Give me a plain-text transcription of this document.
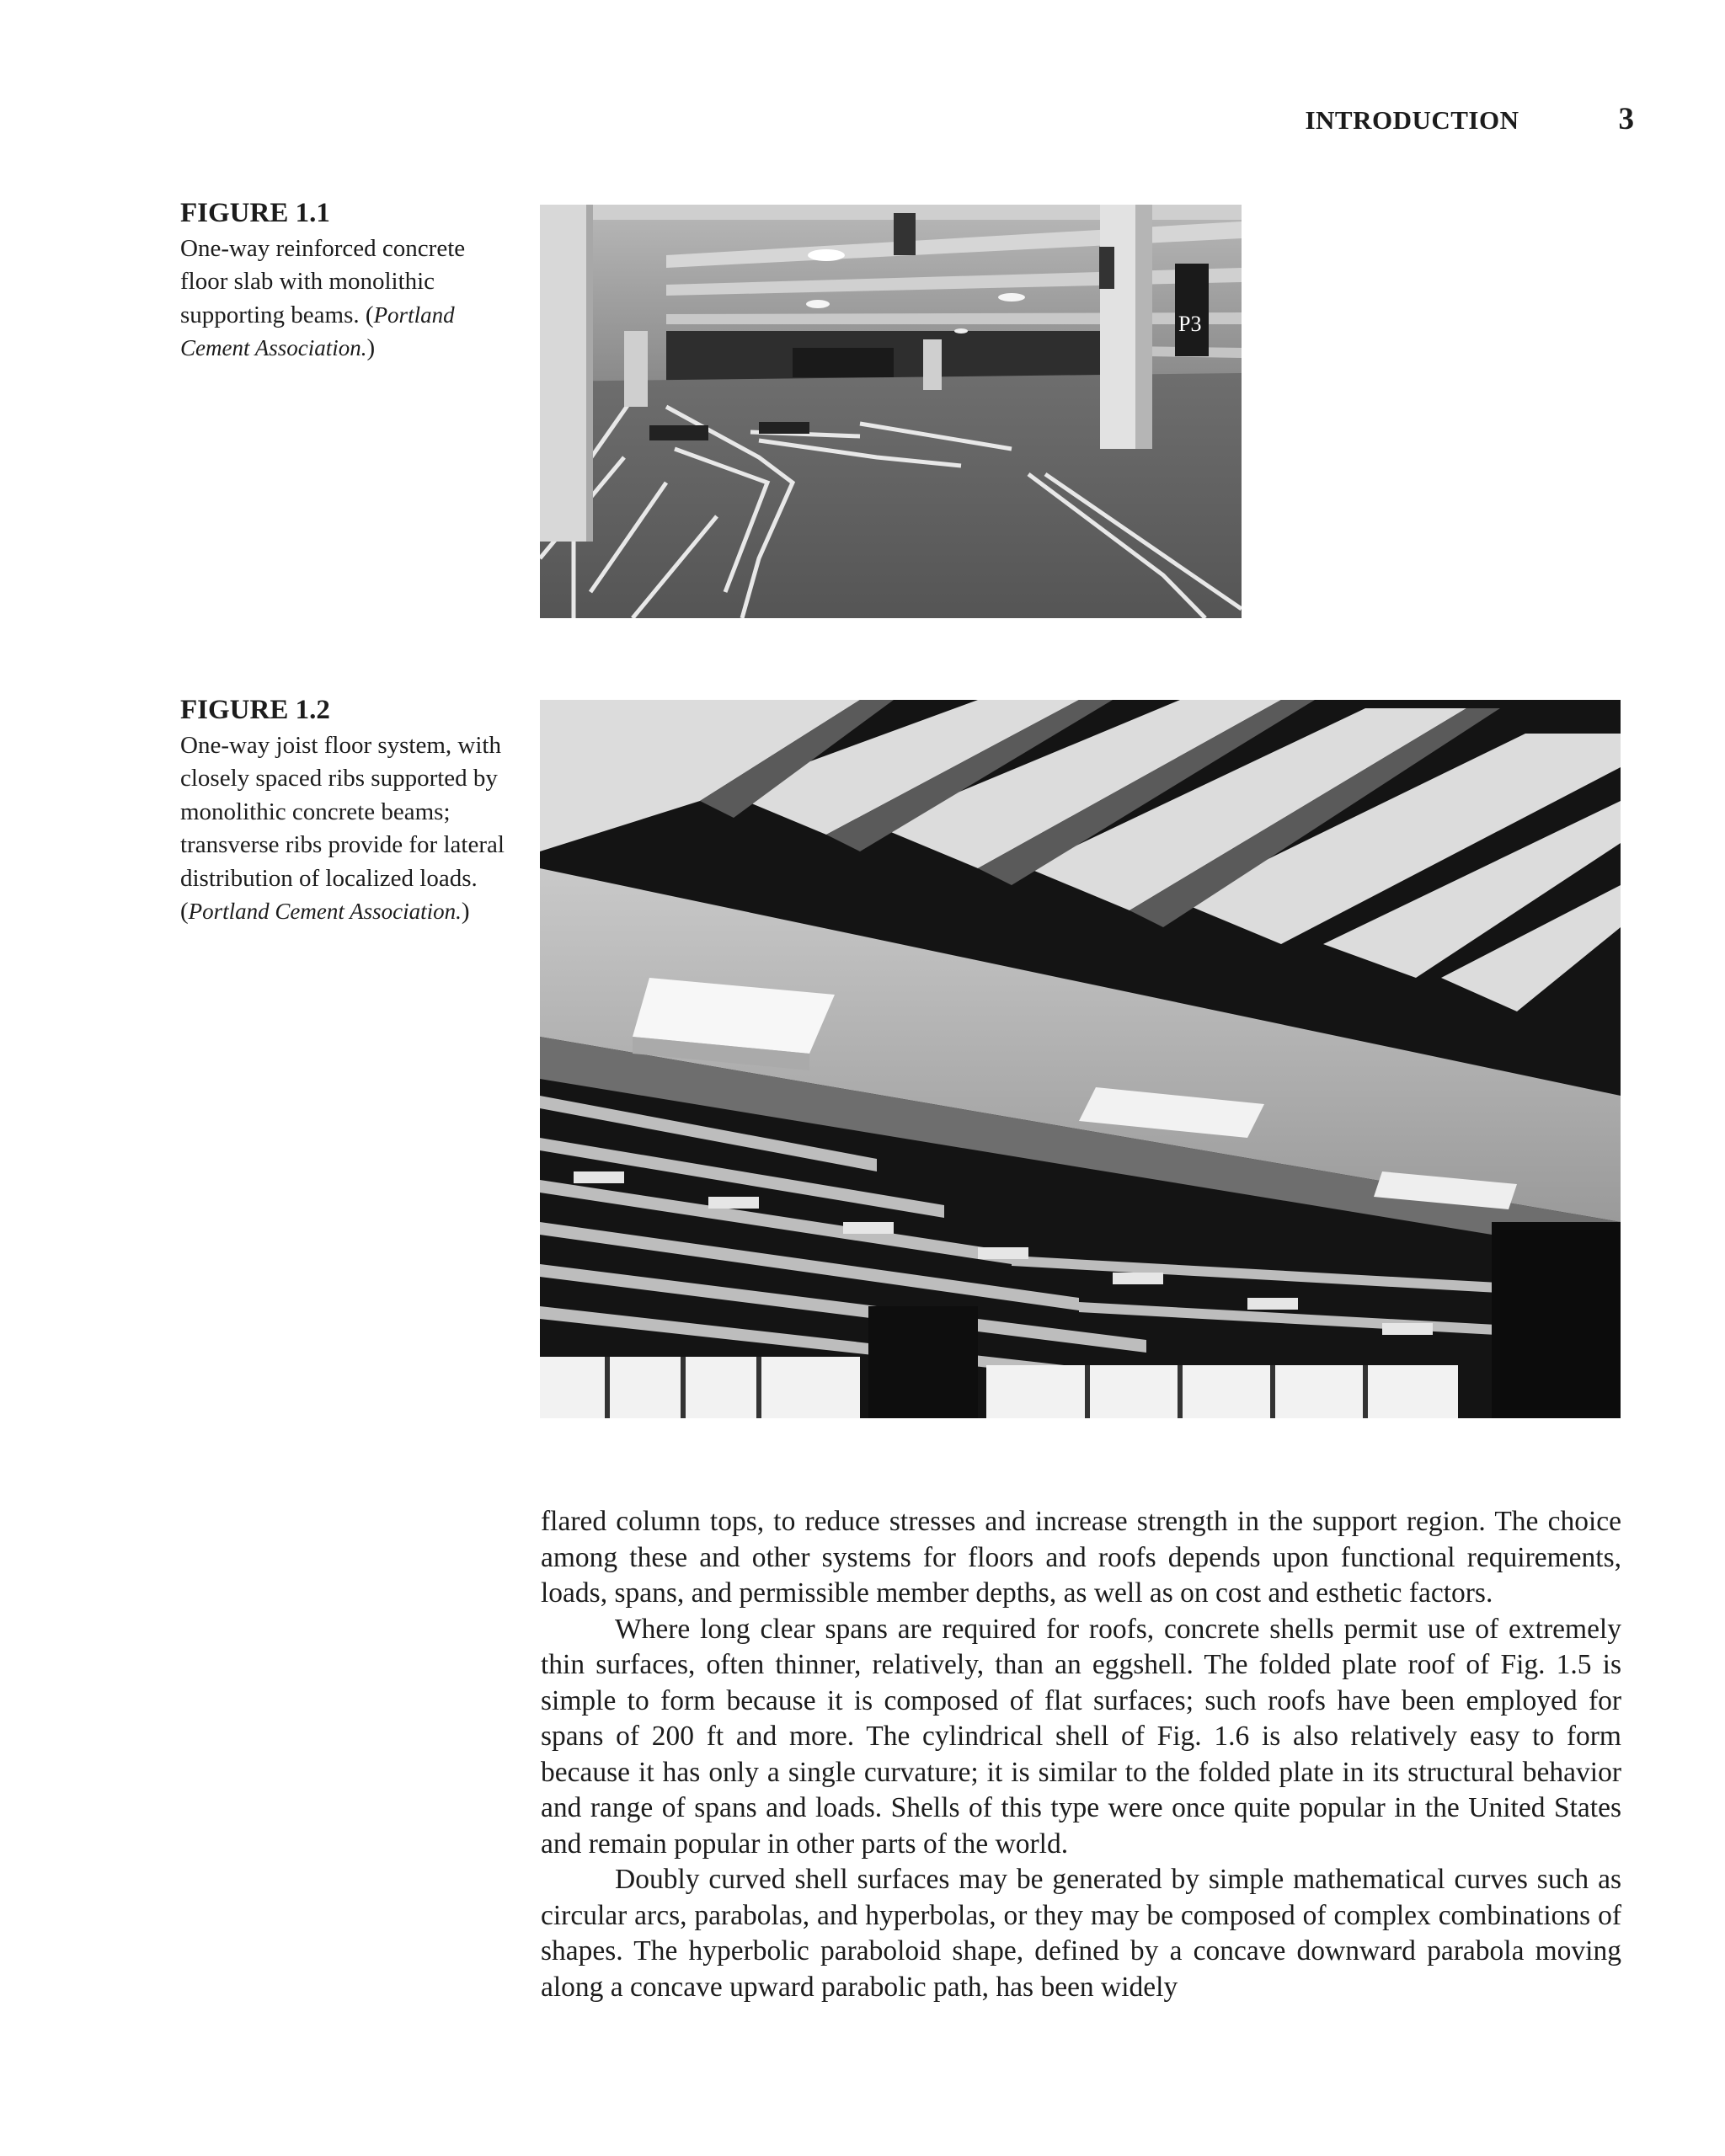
INTRODUCTION	3
FIGURE 1.1
One-way reinforced concrete floor slab with monolithic supporting beams. (Portland Cement Association.)
P3
FIGURE 1.2
One-way joist floor system, with closely spaced ribs supported by monolithic concrete beams; transverse ribs provide for lateral distribution of localized loads. (Portland Cement Association.)

flared column tops, to reduce stresses and increase strength in the support region. The choice among these and other systems for floors and roofs depends upon functional requirements, loads, spans, and permissible member depths, as well as on cost and esthetic factors.

Where long clear spans are required for roofs, concrete shells permit use of extremely thin surfaces, often thinner, relatively, than an eggshell. The folded plate roof of Fig. 1.5 is simple to form because it is composed of flat surfaces; such roofs have been employed for spans of 200 ft and more. The cylindrical shell of Fig. 1.6 is also relatively easy to form because it has only a single curvature; it is similar to the folded plate in its structural behavior and range of spans and loads. Shells of this type were once quite popular in the United States and remain popular in other parts of the world.

Doubly curved shell surfaces may be generated by simple mathematical curves such as circular arcs, parabolas, and hyperbolas, or they may be composed of complex combinations of shapes. The hyperbolic paraboloid shape, defined by a concave downward parabola moving along a concave upward parabolic path, has been widely
